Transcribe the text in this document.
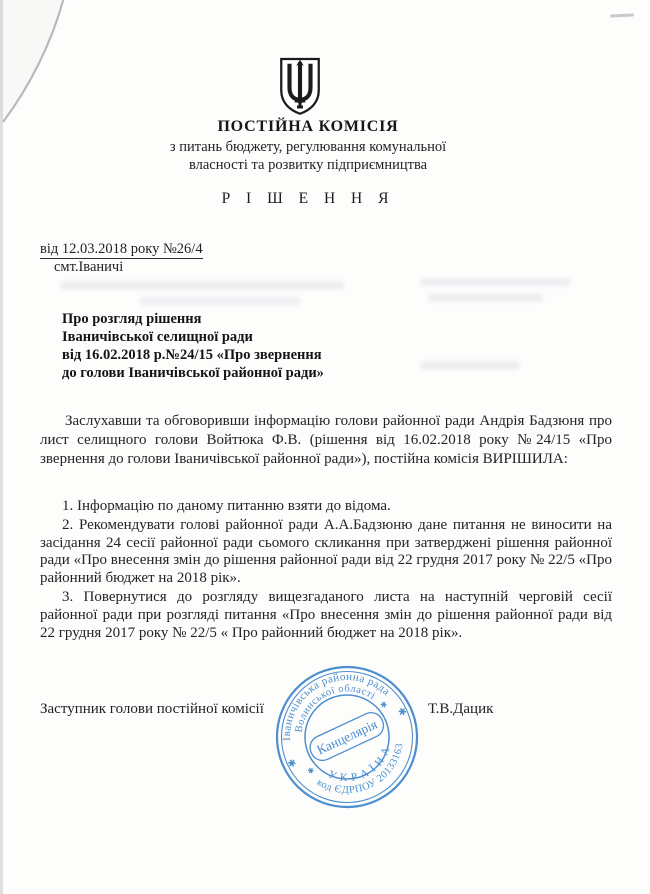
ПОСТІЙНА КОМІСІЯ
з питань бюджету, регулювання комунальної
власності та розвитку підприємництва
Р І Ш Е Н Н Я
від 12.03.2018 року №26/4
смт.Іваничі
Про розгляд рішення
Іваничівської селищної ради
від 16.02.2018 р.№24/15 «Про звернення
до голови Іваничівської районної ради»
Заслухавши та обговоривши інформацію голови районної ради Андрія Бадзюня про лист селищного голови Войтюка Ф.В. (рішення від 16.02.2018 року №24/15 «Про звернення до голови Іваничівської районної ради»), постійна комісія ВИРІШИЛА:

1. Інформацію по даному питанню взяти до відома.

2. Рекомендувати голові районної ради А.А.Бадзюню дане питання не виносити на засідання 24 сесії районної ради сьомого скликання при затверджені рішення районної ради «Про внесення змін до рішення районної ради від 22 грудня 2017 року № 22/5 «Про районний бюджет на 2018 рік».

3. Повернутися до розгляду вищезгаданого листа на наступній черговій сесії районної ради при розгляді питання «Про внесення змін до рішення районної ради від 22 грудня 2017 року № 22/5 « Про районний бюджет на 2018 рік».

Заступник голови постійної комісії	Т.В.Дацик
Іваничівська районна рада
Волинської області
код ЄДРПОУ 20133163
У К Р А Ї Н А
Канцелярія
✱
✱
✱
✱
